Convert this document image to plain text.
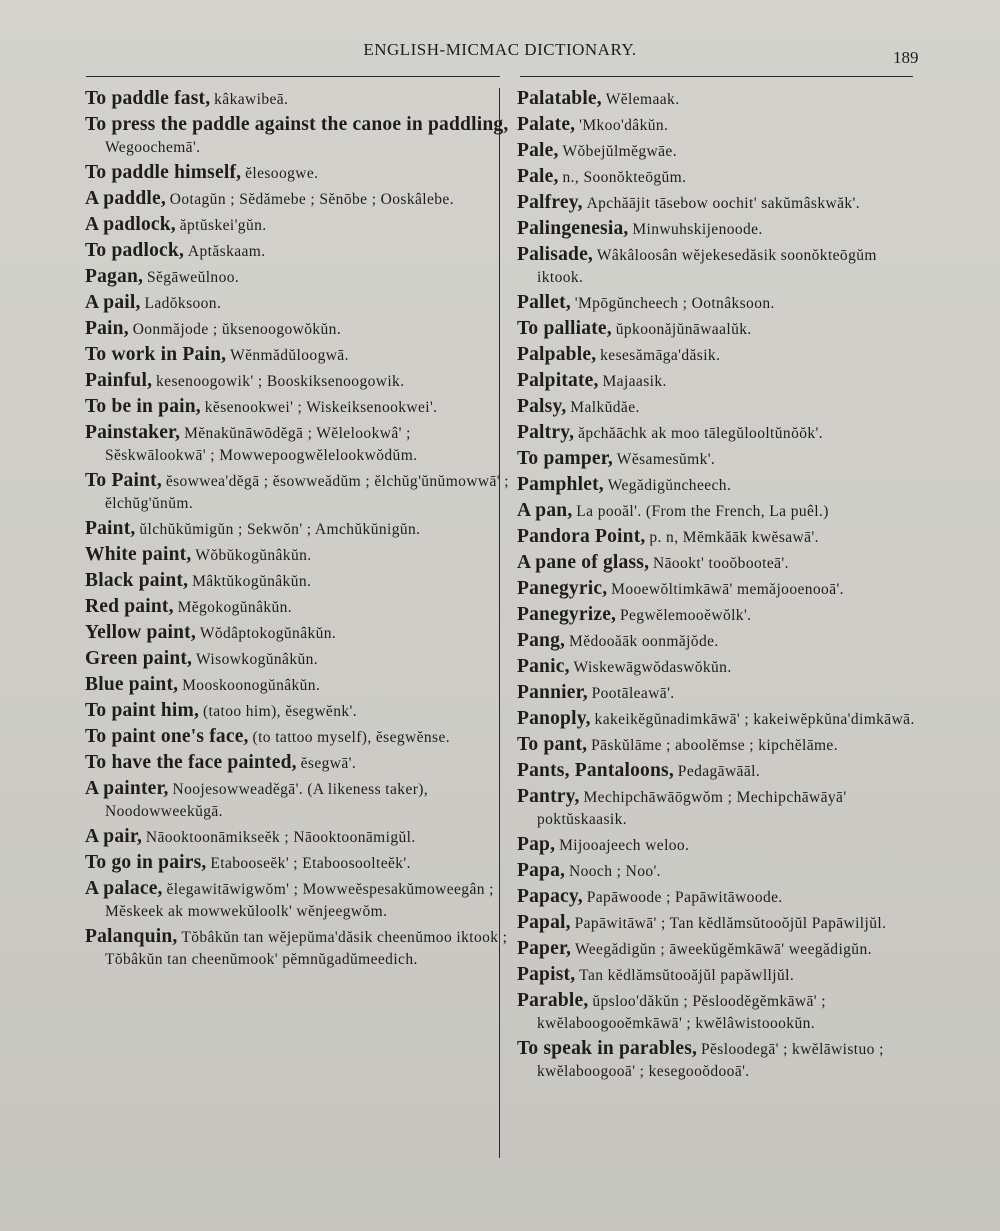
ENGLISH-MICMAC DICTIONARY.	189
To paddle fast, kâkawibeā.
To press the paddle against the canoe in paddling, Wegoochemā'.
To paddle himself, ĕlesoogwe.
A paddle, Ootagŭn ; Sĕdămebe ; Sĕnōbe ; Ooskâlebe.
A padlock, ăptŭskei'gŭn.
To padlock, Aptăskaam.
Pagan, Sĕgāweŭlnoo.
A pail, Ladŏksoon.
Pain, Oonmăjode ; ŭksenoogowŏkŭn.
To work in Pain, Wĕnmădŭloogwā.
Painful, kesenoogowik' ; Booskiksenoogowik.
To be in pain, kĕsenookwei' ; Wiskeiksenookwei'.
Painstaker, Mĕnakŭnāwōdĕgā ; Wĕlelookwâ' ; Sĕskwālookwā' ; Mowwepoogwĕlelookwŏdŭm.
To Paint, ĕsowwea'dĕgā ; ĕsowweădŭm ; ĕlchŭg'ŭnŭmowwā' ; ĕlchŭg'ŭnŭm.
Paint, ŭlchŭkŭmigŭn ; Sekwŏn' ; Amchŭkŭnigŭn.
White paint, Wŏbŭkogŭnâkŭn.
Black paint, Mâktŭkogŭnâkŭn.
Red paint, Mĕgokogŭnâkŭn.
Yellow paint, Wŏdâptokogŭnâkŭn.
Green paint, Wisowkogŭnâkŭn.
Blue paint, Mooskoonogŭnâkŭn.
To paint him, (tatoo him), ĕsegwĕnk'.
To paint one's face, (to tattoo myself), ĕsegwĕnse.
To have the face painted, ĕsegwā'.
A painter, Noojesowweadĕgā'. (A likeness taker), Noodowweekŭgā.
A pair, Nāooktoonāmikseĕk ; Nāooktoonāmigŭl.
To go in pairs, Etabooseĕk' ; Etaboosoolteĕk'.
A palace, ĕlegawitāwigwŏm' ; Mowweĕspesakŭmoweegân ; Mĕskeek ak mowwekŭloolk' wĕnjeegwŏm.
Palanquin, Tŏbâkŭn tan wĕjepŭma'dăsik cheenŭmoo iktook ; Tŏbâkŭn tan cheenŭmook' pĕmnŭgadŭmeedich.
Palatable, Wĕlemaak.
Palate, 'Mkoo'dâkŭn.
Pale, Wŏbejŭlmĕgwāe.
Pale, n., Soonŏkteōgŭm.
Palfrey, Apchăājit tāsebow oochit' sakŭmâskwăk'.
Palingenesia, Minwuhskijenoode.
Palisade, Wâkâloosân wĕjekesedăsik soonŏkteōgŭm iktook.
Pallet, 'Mpōgŭncheech ; Ootnâksoon.
To palliate, ŭpkoonăjŭnāwaalŭk.
Palpable, kesesămāga'dăsik.
Palpitate, Majaasik.
Palsy, Malkŭdăe.
Paltry, ăpchăāchk ak moo tālegŭlooltŭnŏŏk'.
To pamper, Wĕsamesŭmk'.
Pamphlet, Wegădigŭncheech.
A pan, La pooăl'. (From the French, La puêl.)
Pandora Point, p. n, Mĕmkăāk kwĕsawā'.
A pane of glass, Nāookt' tooŏbooteā'.
Panegyric, Mooewŏltimkāwā' memăjooenooā'.
Panegyrize, Pegwĕlemooĕwŏlk'.
Pang, Mĕdooăāk oonmăjŏde.
Panic, Wiskewāgwŏdaswŏkŭn.
Pannier, Pootāleawā'.
Panoply, kakeikĕgŭnadimkāwā' ; kakeiwĕpkŭna'dimkāwā.
To pant, Pāskŭlāme ; aboolĕmse ; kipchĕlāme.
Pants, Pantaloons, Pedagāwāāl.
Pantry, Mechipchāwāōgwŏm ; Mechipchāwāyā' poktŭskaasik.
Pap, Mijooajeech weloo.
Papa, Nooch ; Noo'.
Papacy, Papāwoode ; Papāwitāwoode.
Papal, Papāwitāwā' ; Tan kĕdlămsŭtooŏjŭl Papāwiljŭl.
Paper, Weegădigŭn ; āweekŭgĕmkāwā' weegădigŭn.
Papist, Tan kĕdlămsŭtooăjŭl papăwlljŭl.
Parable, ŭpsloo'dăkŭn ; Pĕsloodĕgĕmkāwā' ; kwĕlaboogooĕmkāwā' ; kwĕlâwistoookŭn.
To speak in parables, Pĕsloodegā' ; kwĕlāwistuo ; kwĕlaboogooā' ; kesegooŏdooā'.
